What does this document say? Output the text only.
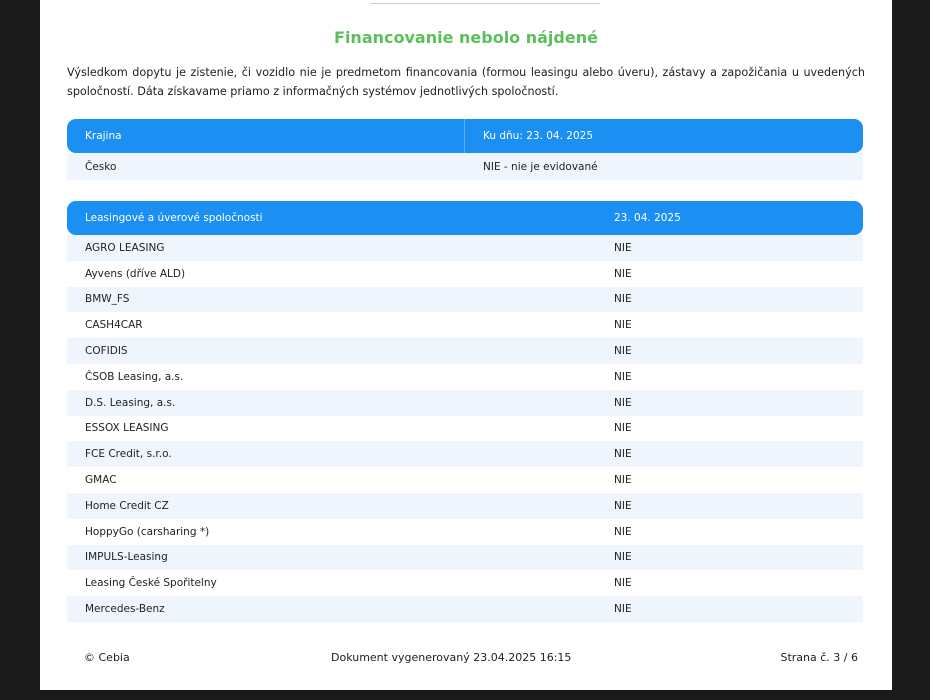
Financovanie nebolo nájdené

Výsledkom dopytu je zistenie, či vozidlo nie je predmetom financovania (formou leasingu alebo úveru), zástavy a zapožičania u uvedených spoločností. Dáta získavame priamo z informačných systémov jednotlivých spoločností.

Krajina	Ku dňu: 23. 04. 2025
Česko	NIE - nie je evidované
Leasingové a úverové spoločnosti	23. 04. 2025
AGRO LEASING	NIE
Ayvens (dříve ALD)	NIE
BMW_FS	NIE
CASH4CAR	NIE
COFIDIS	NIE
ČSOB Leasing, a.s.	NIE
D.S. Leasing, a.s.	NIE
ESSOX LEASING	NIE
FCE Credit, s.r.o.	NIE
GMAC	NIE
Home Credit CZ	NIE
HoppyGo (carsharing *)	NIE
IMPULS-Leasing	NIE
Leasing České Spořitelny	NIE
Mercedes-Benz	NIE
© Cebia	Dokument vygenerovaný 23.04.2025 16:15	Strana č. 3 / 6
